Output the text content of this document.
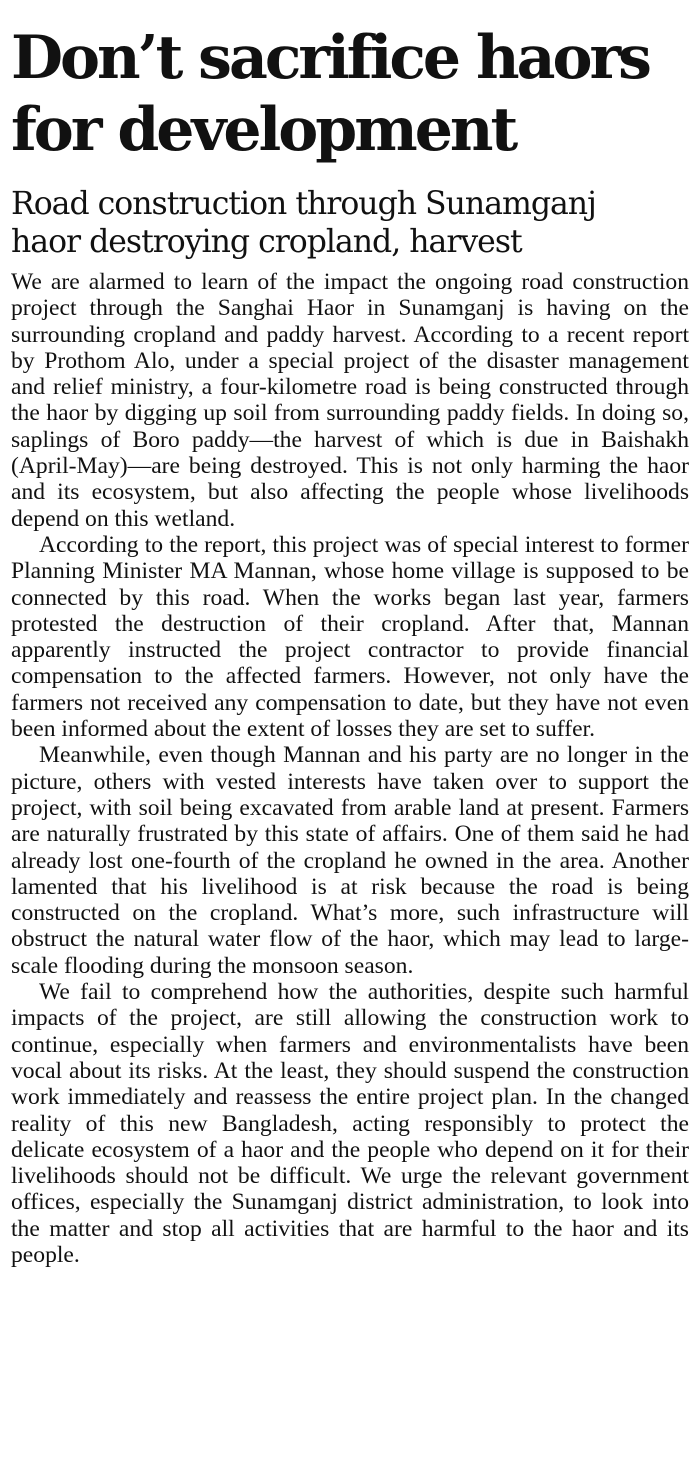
Don’t sacrifice haors
for development
Road construction through Sunamganj
haor destroying cropland, harvest

We are alarmed to learn of the impact the ongoing road construction project through the Sanghai Haor in Sunamganj is having on the surrounding cropland and paddy harvest. According to a recent report by Prothom Alo, under a special project of the disaster management and relief ministry, a four-kilometre road is being constructed through the haor by digging up soil from surrounding paddy fields. In doing so, saplings of Boro paddy—the harvest of which is due in Baishakh (April-May)—are being destroyed. This is not only harming the haor and its ecosystem, but also affecting the people whose livelihoods depend on this wetland.

According to the report, this project was of special interest to former Planning Minister MA Mannan, whose home village is supposed to be connected by this road. When the works began last year, farmers protested the destruction of their cropland. After that, Mannan apparently instructed the project contractor to provide financial compensation to the affected farmers. However, not only have the farmers not received any compensation to date, but they have not even been informed about the extent of losses they are set to suffer.

Meanwhile, even though Mannan and his party are no longer in the picture, others with vested interests have taken over to support the project, with soil being excavated from arable land at present. Farmers are naturally frustrated by this state of affairs. One of them said he had already lost one-fourth of the cropland he owned in the area. Another lamented that his livelihood is at risk because the road is being constructed on the cropland. What’s more, such infrastructure will obstruct the natural water flow of the haor, which may lead to large-scale flooding during the monsoon season.

We fail to comprehend how the authorities, despite such harmful impacts of the project, are still allowing the construction work to continue, especially when farmers and environmentalists have been vocal about its risks. At the least, they should suspend the construction work immediately and reassess the entire project plan. In the changed reality of this new Bangladesh, acting responsibly to protect the delicate ecosystem of a haor and the people who depend on it for their livelihoods should not be difficult. We urge the relevant government offices, especially the Sunamganj district administration, to look into the matter and stop all activities that are harmful to the haor and its people.
